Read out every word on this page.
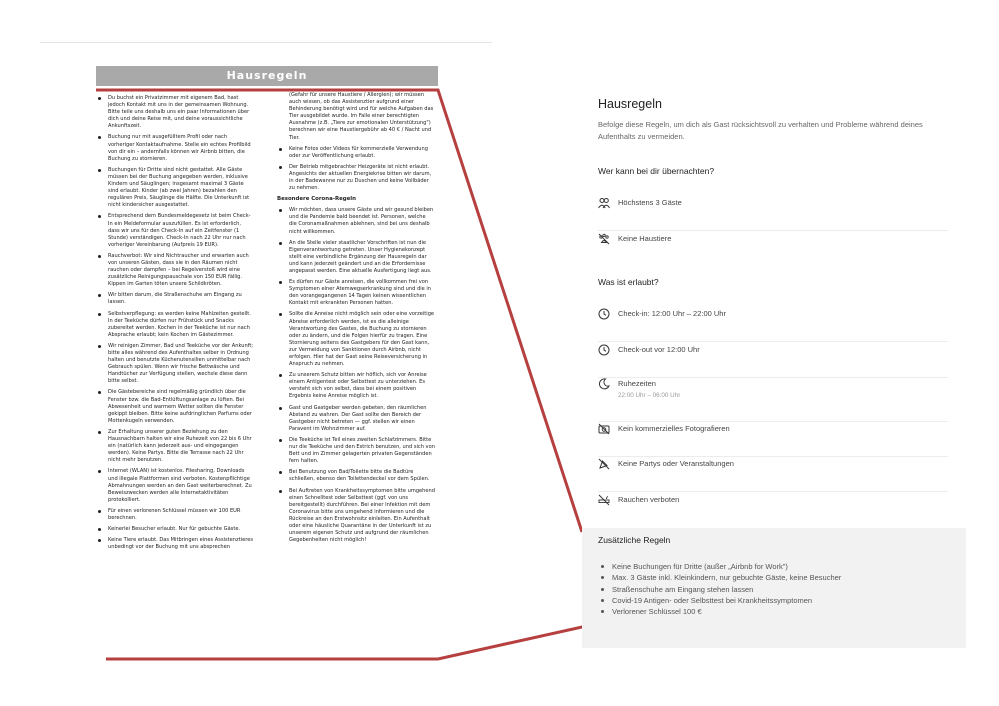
Hausregeln
Du buchst ein Privatzimmer mit eigenem Bad, hast jedoch Kontakt mit uns in der gemeinsamen Wohnung. Bitte teile uns deshalb uns ein paar Informationen über dich und deine Reise mit, und deine voraussichtliche Ankunftszeit.
Buchung nur mit ausgefülltem Profil oder nach vorheriger Kontaktaufnahme. Stelle ein echtes Profilbild von dir ein – andernfalls können wir Airbnb bitten, die Buchung zu stornieren.
Buchungen für Dritte sind nicht gestattet. Alle Gäste müssen bei der Buchung angegeben werden, inklusive Kindern und Säuglingen; insgesamt maximal 3 Gäste sind erlaubt. Kinder (ab zwei Jahren) bezahlen den regulären Preis, Säuglinge die Hälfte. Die Unterkunft ist nicht kindersicher ausgestattet.
Entsprechend dem Bundesmeldegesetz ist beim Check-In ein Meldeformular auszufüllen. Es ist erforderlich, dass wir uns für den Check-In auf ein Zeitfenster (1 Stunde) verständigen. Check-In nach 22 Uhr nur nach vorheriger Vereinbarung (Aufpreis 19 EUR).
Rauchverbot: Wir sind Nichtraucher und erwarten auch von unseren Gästen, dass sie in den Räumen nicht rauchen oder dampfen – bei Regelverstoß wird eine zusätzliche Reinigungspauschale von 150 EUR fällig. Kippen im Garten töten unsere Schildkröten.
Wir bitten darum, die Straßenschuhe am Eingang zu lassen.
Selbstverpflegung: es werden keine Mahlzeiten gestellt. In der Teeküche dürfen nur Frühstück und Snacks zubereitet werden. Kochen in der Teeküche ist nur nach Absprache erlaubt; kein Kochen im Gästezimmer.
Wir reinigen Zimmer, Bad und Teeküche vor der Ankunft; bitte alles während des Aufenthaltes selber in Ordnung halten und benutzte Küchenutensilien unmittelbar nach Gebrauch spülen. Wenn wir frische Bettwäsche und Handtücher zur Verfügung stellen, wechsle diese dann bitte selbst.
Die Gästebereiche sind regelmäßig gründlich über die Fenster bzw. die Bad-Entlüftungsanlage zu lüften. Bei Abwesenheit und warmem Wetter sollten die Fenster gekippt bleiben. Bitte keine aufdringlichen Parfums oder Mottenkugeln verwenden.
Zur Erhaltung unserer guten Beziehung zu den Hausnachbarn halten wir eine Ruhezeit von 22 bis 6 Uhr ein (natürlich kann jederzeit aus- und eingegangen werden). Keine Partys. Bitte die Terrasse nach 22 Uhr nicht mehr benutzen.
Internet (WLAN) ist kostenlos. Filesharing, Downloads und illegale Plattformen sind verboten. Kostenpflichtige Abmahnungen werden an den Gast weiterberechnet. Zu Beweiszwecken werden alle Internetaktivitäten protokolliert.
Für einen verlorenen Schlüssel müssen wir 100 EUR berechnen.
Keinerlei Besucher erlaubt. Nur für gebuchte Gäste.
Keine Tiere erlaubt. Das Mitbringen eines Assistenztieres unbedingt vor der Buchung mit uns absprechen
(Gefahr für unsere Haustiere / Allergien); wir müssen auch wissen, ob das Assistenztier aufgrund einer Behinderung benötigt wird und für welche Aufgaben das Tier ausgebildet wurde. Im Falle einer berechtigten Ausnahme (z.B. „Tiere zur emotionalen Unterstützung") berechnen wir eine Haustiergebühr ab 40 € / Nacht und Tier.
Keine Fotos oder Videos für kommerzielle Verwendung oder zur Veröffentlichung erlaubt.
Der Betrieb mitgebrachter Heizgeräte ist nicht erlaubt. Angesichts der aktuellen Energiekrise bitten wir darum, in der Badewanne nur zu Duschen und keine Vollbäder zu nehmen.
Besondere Corona-Regeln
Wir möchten, dass unsere Gäste und wir gesund bleiben und die Pandemie bald beendet ist. Personen, welche die Coronamaßnahmen ablehnen, sind bei uns deshalb nicht willkommen.
An die Stelle vieler staatlicher Vorschriften ist nun die Eigenverantwortung getreten. Unser Hygienekonzept stellt eine verbindliche Ergänzung der Hausregeln dar und kann jederzeit geändert und an die Erfordernisse angepasst werden. Eine aktuelle Ausfertigung liegt aus.
Es dürfen nur Gäste anreisen, die vollkommen frei von Symptomen einer Atemwegserkrankung sind und die in den vorangegangenen 14 Tagen keinen wissentlichen Kontakt mit erkrankten Personen hatten.
Sollte die Anreise nicht möglich sein oder eine vorzeitige Abreise erforderlich werden, ist es die alleinige Verantwortung des Gastes, die Buchung zu stornieren oder zu ändern, und die Folgen hierfür zu tragen. Eine Stornierung seitens des Gastgebers für den Gast kann, zur Vermeidung von Sanktionen durch Airbnb, nicht erfolgen. Hier hat der Gast seine Reiseversicherung in Anspruch zu nehmen.
Zu unserem Schutz bitten wir höflich, sich vor Anreise einem Antigentest oder Selbsttest zu unterziehen. Es versteht sich von selbst, dass bei einem positiven Ergebnis keine Anreise möglich ist.
Gast und Gastgeber werden gebeten, den räumlichen Abstand zu wahren. Der Gast sollte den Bereich der Gastgeber nicht betreten — ggf. stellen wir einen Paravent im Wohnzimmer auf.
Die Teeküche ist Teil eines zweiten Schlafzimmers. Bitte nur die Teeküche und den Estrich benutzen, und sich von Bett und im Zimmer gelagerten privaten Gegenständen fern halten.
Bei Benutzung von Bad/Toilette bitte die Badtüre schließen, ebenso den Toilettendeckel vor dem Spülen.
Bei Auftreten von Krankheitssymptomen bitte umgehend einen Schnelltest oder Selbsttest (ggf. von uns bereitgestellt) durchführen. Bei einer Infektion mit dem Coronavirus bitte uns umgehend informieren und die Rückreise an den Erstwohnsitz einleiten. Ein Aufenthalt oder eine häusliche Quarantäne in der Unterkunft ist zu unserem eigenen Schutz und aufgrund der räumlichen Gegebenheiten nicht möglich!
Hausregeln
Befolge diese Regeln, um dich als Gast rücksichtsvoll zu verhalten und Probleme während deines Aufenthalts zu vermeiden.
Wer kann bei dir übernachten?
Höchstens 3 Gäste
Keine Haustiere
Was ist erlaubt?
Check-in: 12:00 Uhr – 22:00 Uhr
Check-out vor 12:00 Uhr
Ruhezeiten
22:00 Uhr – 06:00 Uhr
Kein kommerzielles Fotografieren
Keine Partys oder Veranstaltungen
Rauchen verboten
Zusätzliche Regeln
Keine Buchungen für Dritte (außer „Airbnb for Work")
Max. 3 Gäste inkl. Kleinkindern, nur gebuchte Gäste, keine Besucher
Straßenschuhe am Eingang stehen lassen
Covid-19 Antigen- oder Selbsttest bei Krankheitssymptomen
Verlorener Schlüssel 100 €
